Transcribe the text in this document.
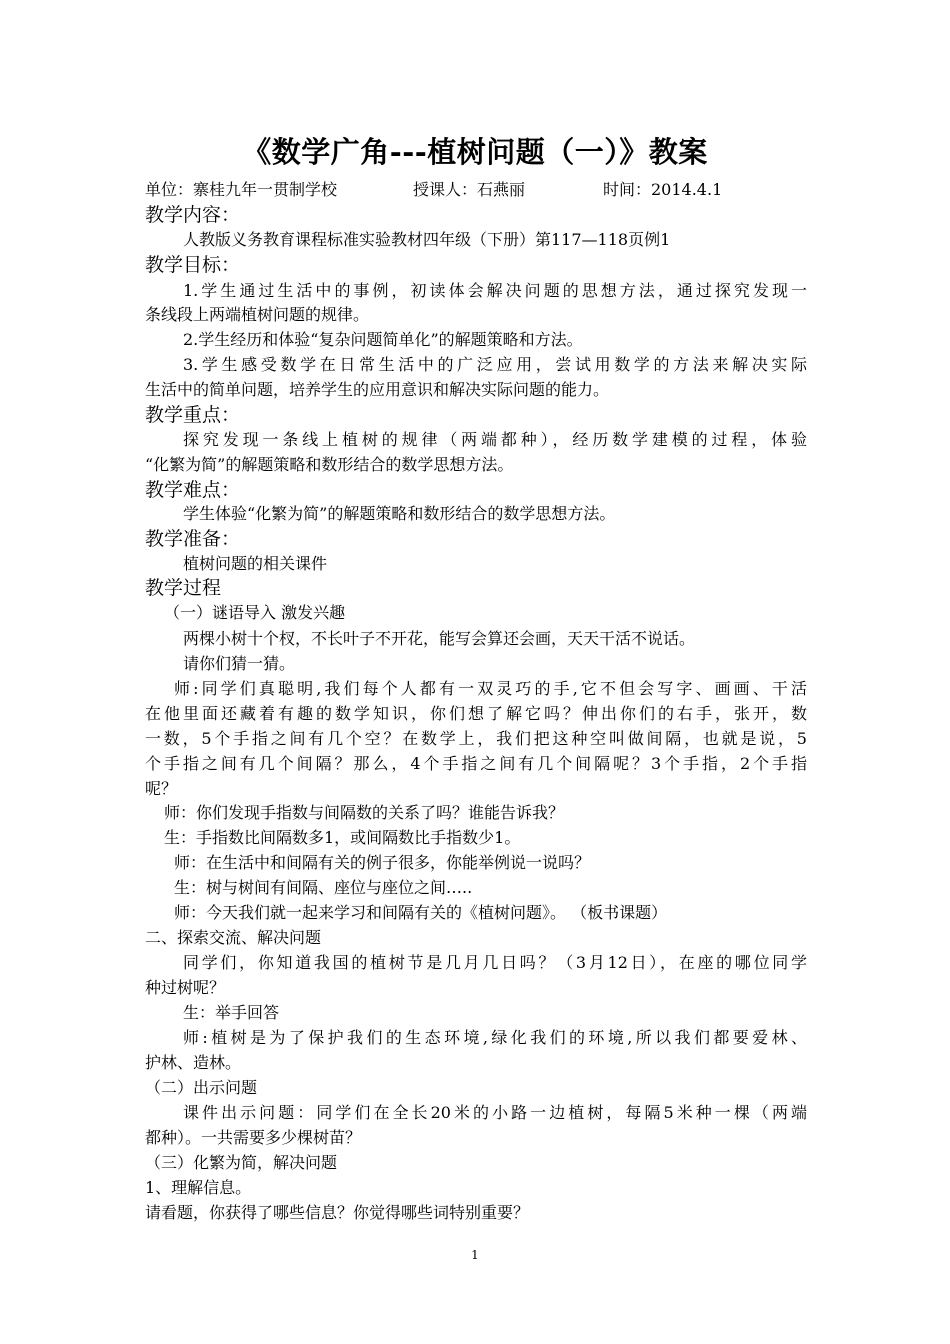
《数学广角---植树问题（一）》教案
单位：寨桂九年一贯制学校	授课人：石燕丽	时间：2014.4.1
教学内容：
人教版义务教育课程标准实验教材四年级（下册）第117—118页例1
教学目标：
1.学生通过生活中的事例，初读体会解决问题的思想方法，通过探究发现一
条线段上两端植树问题的规律。
2.学生经历和体验“复杂问题简单化”的解题策略和方法。
3.学生感受数学在日常生活中的广泛应用，尝试用数学的方法来解决实际
生活中的简单问题，培养学生的应用意识和解决实际问题的能力。
教学重点：
探究发现一条线上植树的规律（两端都种），经历数学建模的过程，体验
“化繁为简”的解题策略和数形结合的数学思想方法。
教学难点：
学生体验“化繁为简”的解题策略和数形结合的数学思想方法。
教学准备：
植树问题的相关课件
教学过程
（一）谜语导入 激发兴趣
两棵小树十个杈，不长叶子不开花，能写会算还会画，天天干活不说话。
请你们猜一猜。
师:同学们真聪明,我们每个人都有一双灵巧的手,它不但会写字、画画、干活
在他里面还藏着有趣的数学知识，你们想了解它吗？伸出你们的右手，张开，数
一数，5个手指之间有几个空？在数学上，我们把这种空叫做间隔，也就是说，5
个手指之间有几个间隔？那么，4个手指之间有几个间隔呢？3个手指，2个手指
呢？
师：你们发现手指数与间隔数的关系了吗？谁能告诉我？
生：手指数比间隔数多1，或间隔数比手指数少1。
师：在生活中和间隔有关的例子很多，你能举例说一说吗？
生：树与树间有间隔、座位与座位之间…..
师：今天我们就一起来学习和间隔有关的《植树问题》。 （板书课题）
二、探索交流、解决问题
同学们，你知道我国的植树节是几月几日吗？（3月12日），在座的哪位同学
种过树呢？
生：举手回答
师:植树是为了保护我们的生态环境,绿化我们的环境,所以我们都要爱林、
护林、造林。
（二）出示问题
课件出示问题：同学们在全长20米的小路一边植树，每隔5米种一棵（两端
都种）。一共需要多少棵树苗？
（三）化繁为简，解决问题
1、理解信息。
请看题，你获得了哪些信息？你觉得哪些词特别重要？
1
